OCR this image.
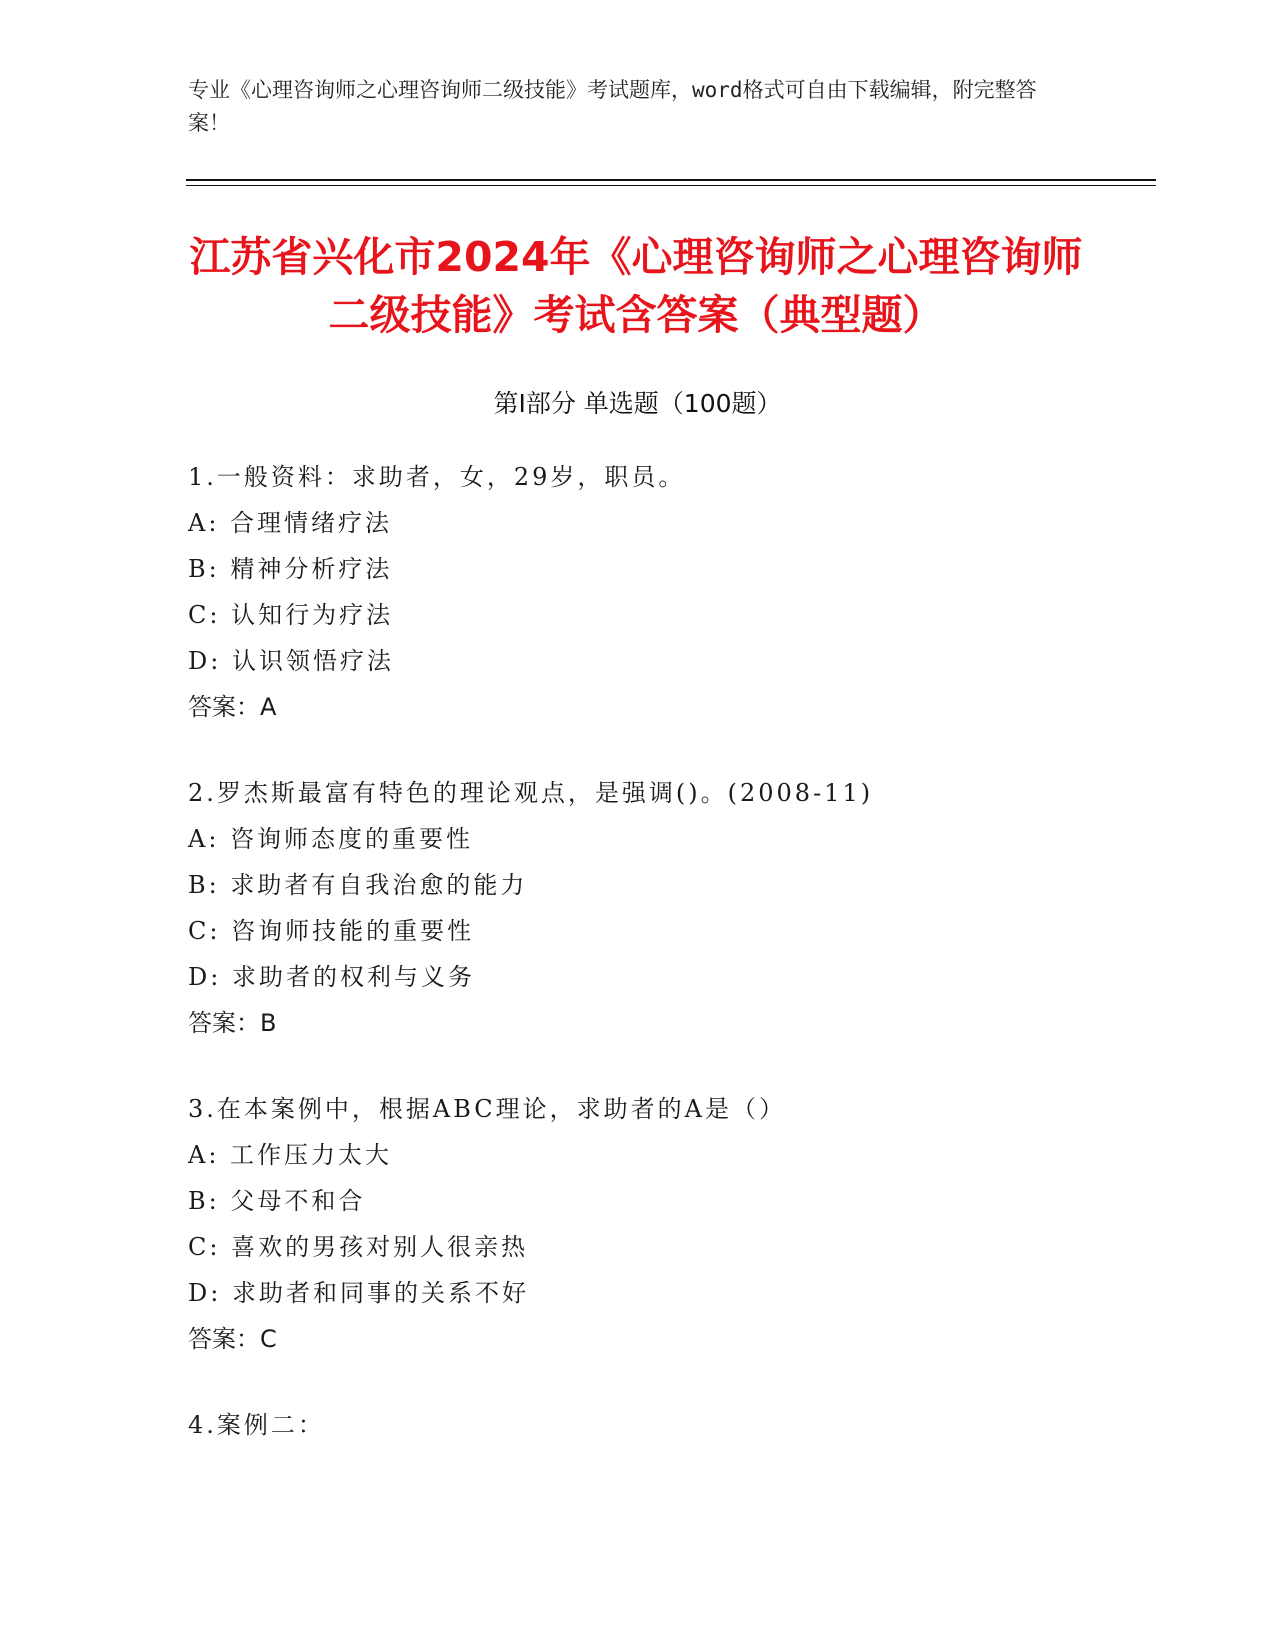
专业《心理咨询师之心理咨询师二级技能》考试题库，word格式可自由下载编辑，附完整答案！
江苏省兴化市2024年《心理咨询师之心理咨询师二级技能》考试含答案（典型题）
第I部分 单选题（100题）
1.一般资料：求助者，女，29岁，职员。
A: 合理情绪疗法
B: 精神分析疗法
C: 认知行为疗法
D: 认识领悟疗法
答案：A
2.罗杰斯最富有特色的理论观点，是强调()。(2008-11)
A: 咨询师态度的重要性
B: 求助者有自我治愈的能力
C: 咨询师技能的重要性
D: 求助者的权利与义务
答案：B
3.在本案例中，根据ABC理论，求助者的A是（）
A: 工作压力太大
B: 父母不和合
C: 喜欢的男孩对别人很亲热
D: 求助者和同事的关系不好
答案：C
4.案例二：
